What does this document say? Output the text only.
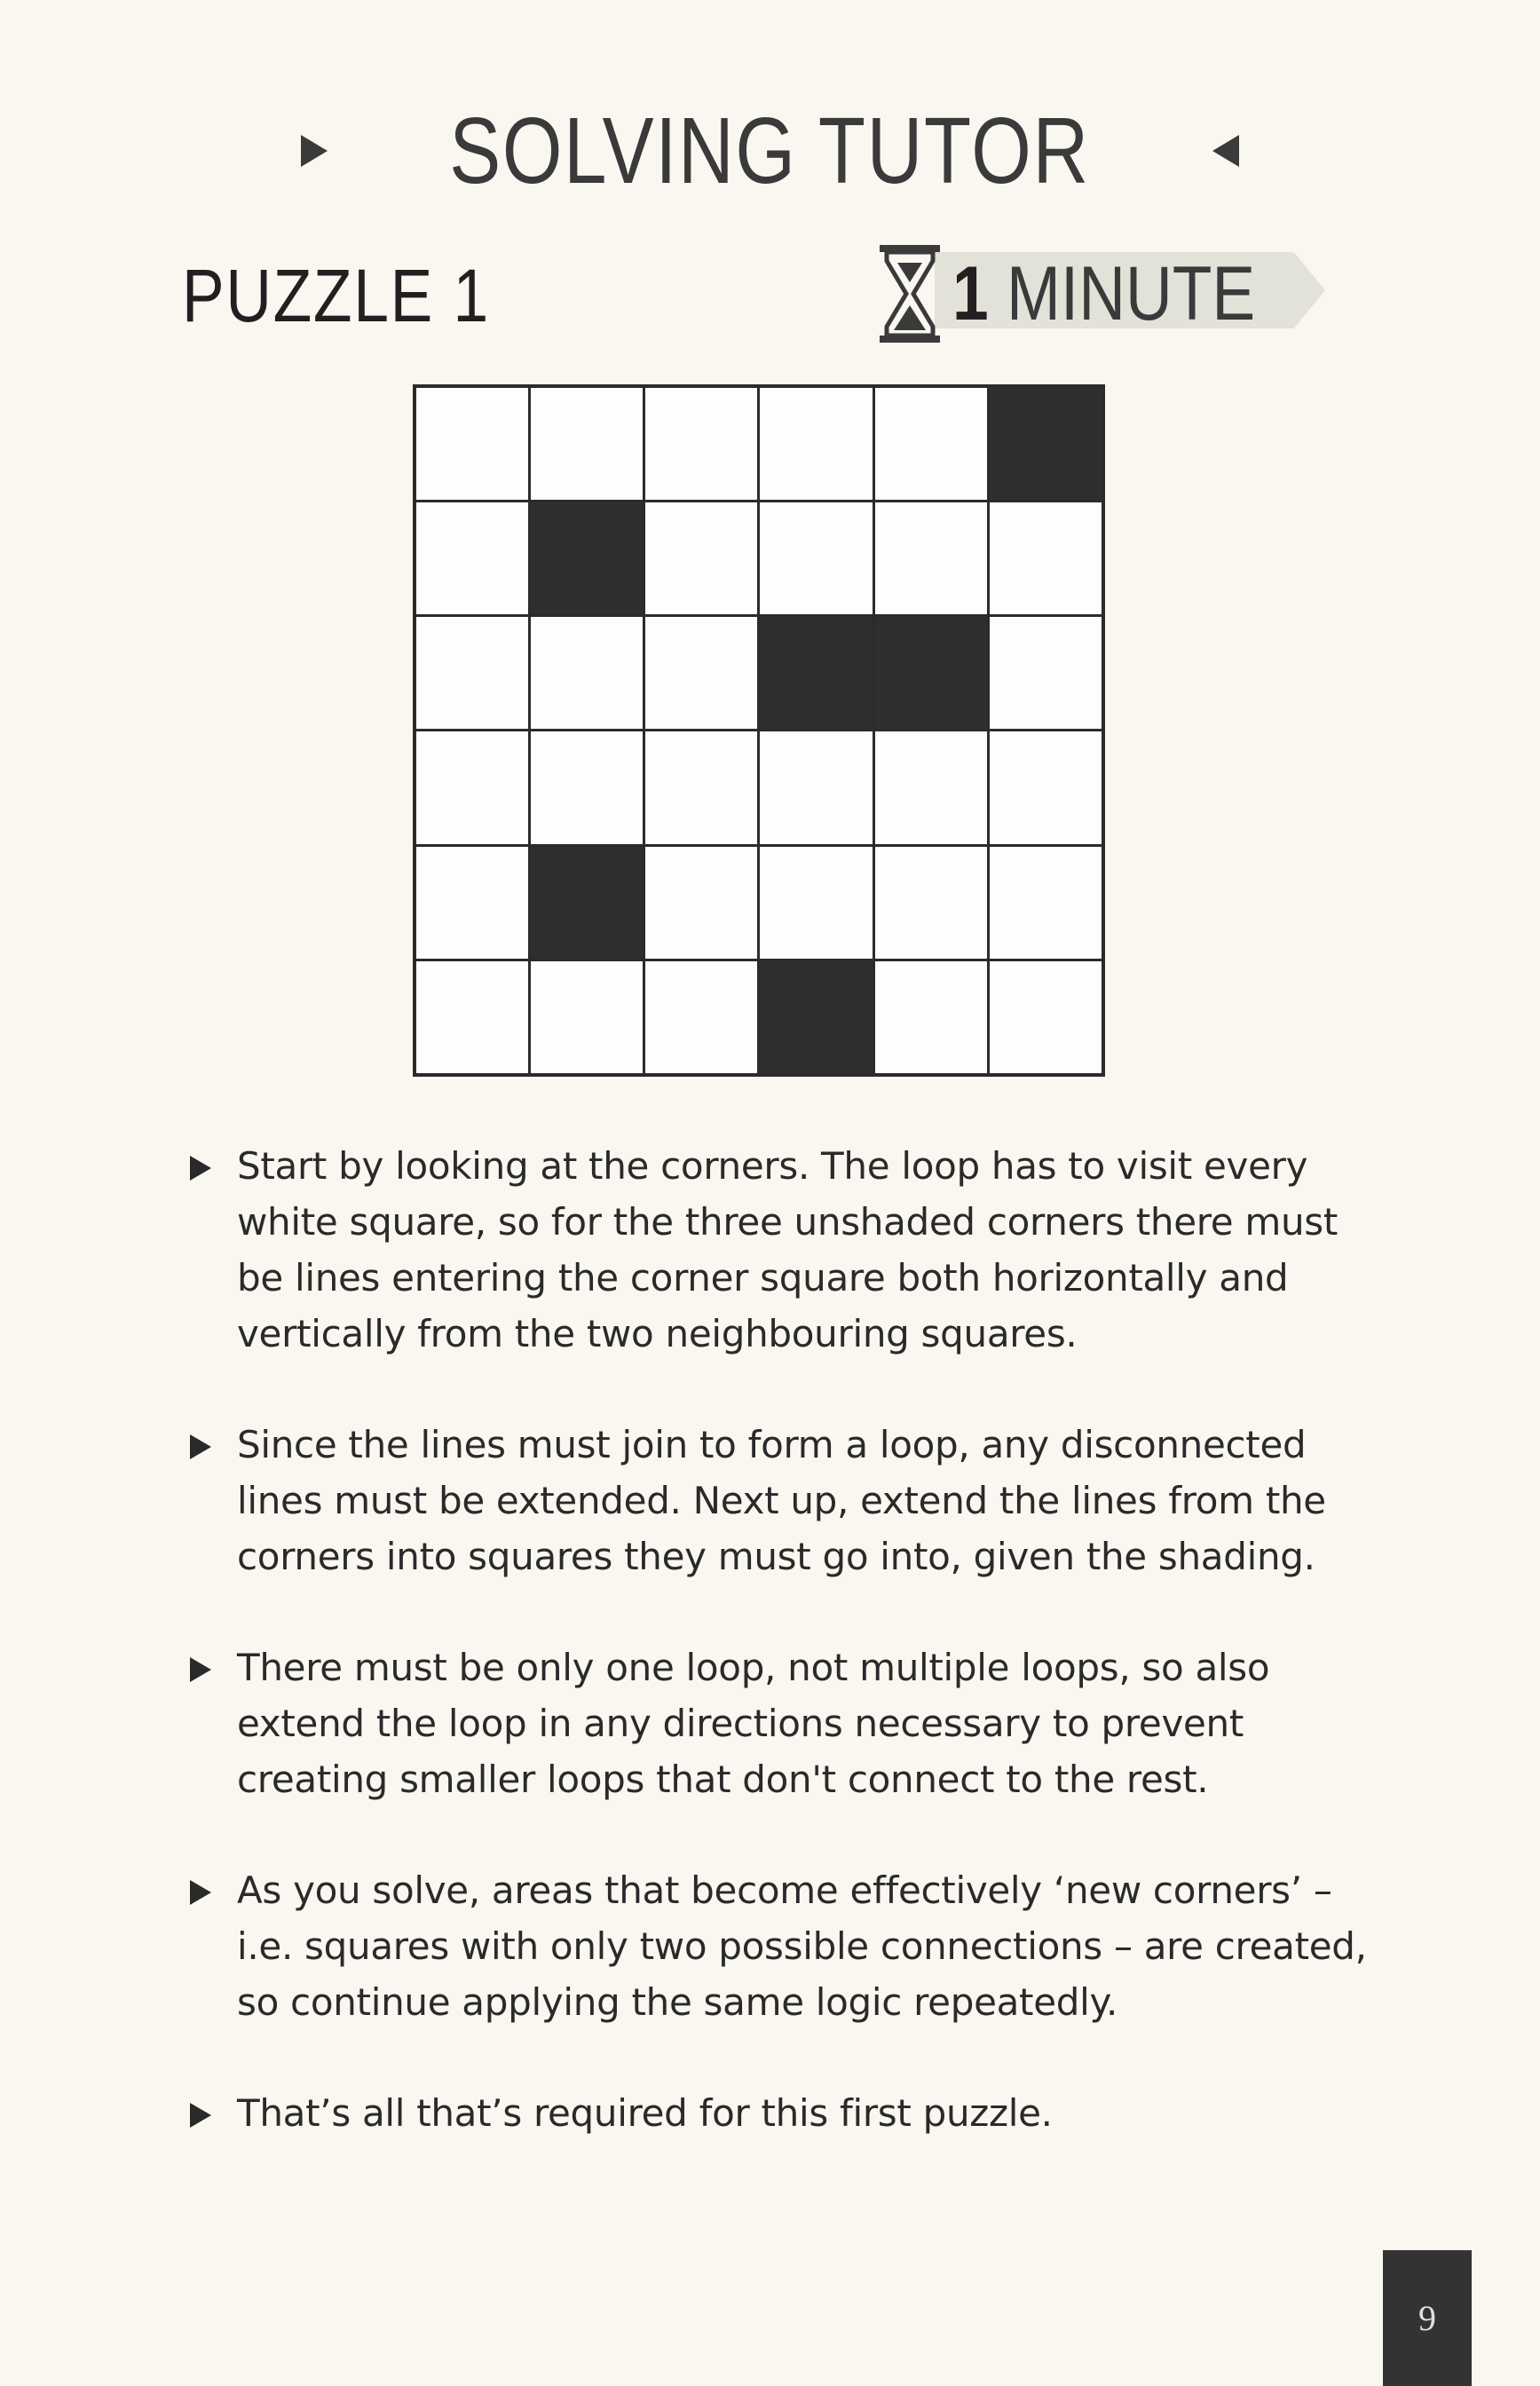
SOLVING TUTOR
PUZZLE 1	1 MINUTE
Start by looking at the corners. The loop has to visit every white square, so for the three unshaded corners there must be lines entering the corner square both horizontally and vertically from the two neighbouring squares.
Since the lines must join to form a loop, any disconnected lines must be extended. Next up, extend the lines from the corners into squares they must go into, given the shading.
There must be only one loop, not multiple loops, so also extend the loop in any directions necessary to prevent creating smaller loops that don't connect to the rest.
As you solve, areas that become effectively ‘new corners’ – i.e. squares with only two possible connections – are created, so continue applying the same logic repeatedly.
That’s all that’s required for this first puzzle.
9
